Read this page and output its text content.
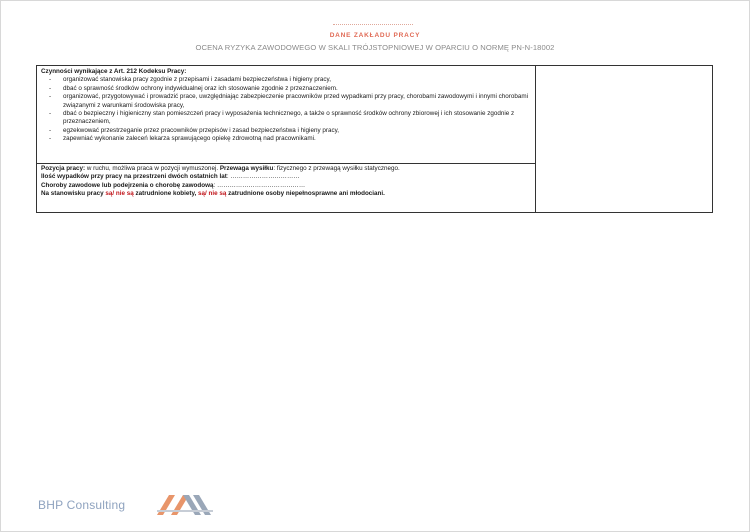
DANE ZAKŁADU PRACY
OCENA RYZYKA ZAWODOWEGO W SKALI TRÓJSTOPNIOWEJ W OPARCIU O NORMĘ PN-N-18002
Czynności wynikające z Art. 212 Kodeksu Pracy:
- organizować stanowiska pracy zgodnie z przepisami i zasadami bezpieczeństwa i higieny pracy,
- dbać o sprawność środków ochrony indywidualnej oraz ich stosowanie zgodnie z przeznaczeniem.
- organizować, przygotowywać i prowadzić prace, uwzględniając zabezpieczenie pracowników przed wypadkami przy pracy, chorobami zawodowymi i innymi chorobami związanymi z warunkami środowiska pracy,
- dbać o bezpieczny i higieniczny stan pomieszczeń pracy i wyposażenia technicznego, a także o sprawność środków ochrony zbiorowej i ich stosowanie zgodnie z przeznaczeniem,
- egzekwować przestrzeganie przez pracowników przepisów i zasad bezpieczeństwa i higieny pracy,
- zapewniać wykonanie zaleceń lekarza sprawującego opiekę zdrowotną nad pracownikami.
Pozycja pracy: w ruchu, możliwa praca w pozycji wymuszonej. Przewaga wysiłku: fizycznego z przewagą wysiłku statycznego.
Ilość wypadków przy pracy na przestrzeni dwóch ostatnich lat: ……………………………
Choroby zawodowe lub podejrzenia o chorobę zawodową: ……………………………………
Na stanowisku pracy są/ nie są zatrudnione kobiety, są/ nie są zatrudnione osoby niepełnosprawne ani młodociani.
BHP Consulting
